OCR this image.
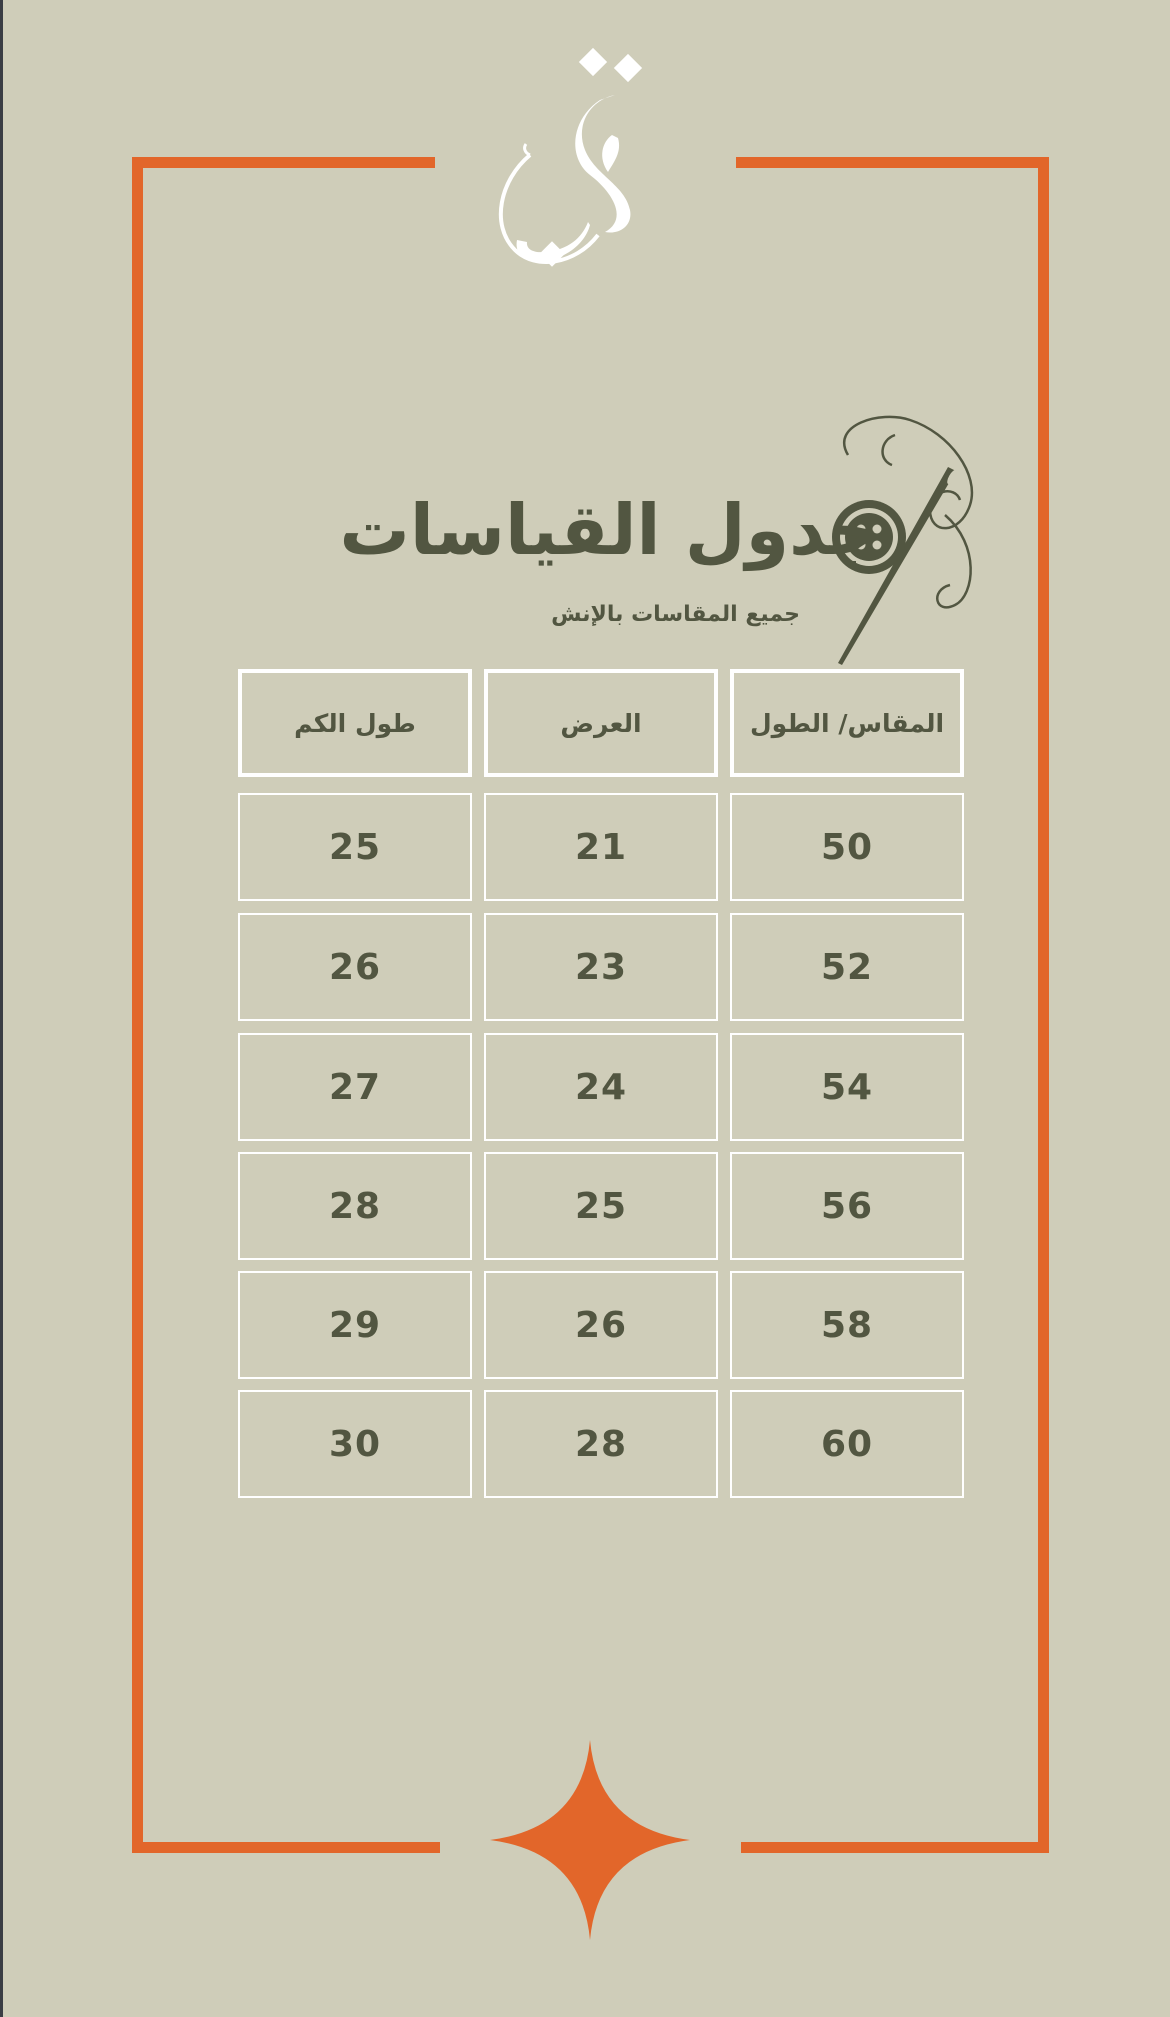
جدول القياسات
جميع المقاسات بالإنش
المقاس/ الطول
العرض
طول الكم
50
21
25
52
23
26
54
24
27
56
25
28
58
26
29
60
28
30
